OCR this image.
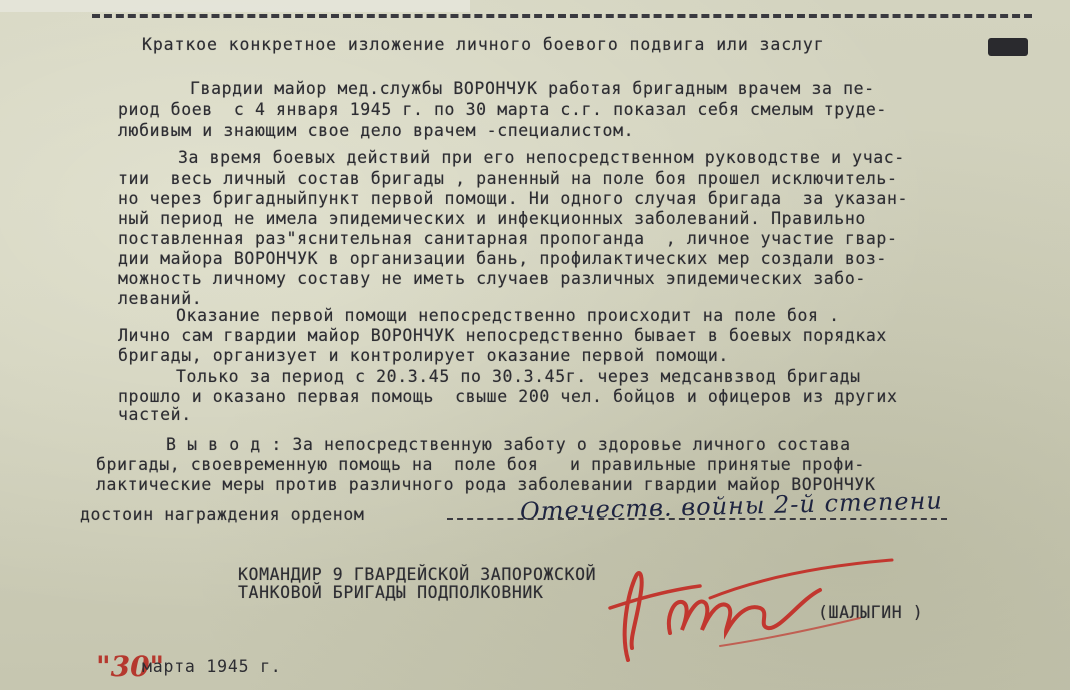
Краткое конкретное изложение личного боевого подвига или заслуг
Гвардии майор мед.службы ВОРОНЧУК работая бригадным врачем за пе-
риод боев  с 4 января 1945 г. по 30 марта с.г. показал себя смелым труде-
любивым и знающим свое дело врачем -специалистом.
За время боевых действий при его непосредственном руководстве и учас-
тии  весь личный состав бригады , раненный на поле боя прошел исключитель-
но через бригадныйпункт первой помощи. Ни одного случая бригада  за указан-
ный период не имела эпидемических и инфекционных заболеваний. Правильно
поставленная раз"яснительная санитарная пропоганда  , личное участие гвар-
дии майора ВОРОНЧУК в организации бань, профилактических мер создали воз-
можность личному составу не иметь случаев различных эпидемических забо-
леваний.
Оказание первой помощи непосредственно происходит на поле боя .
Лично сам гвардии майор ВОРОНЧУК непосредственно бывает в боевых порядках
бригады, организует и контролирует оказание первой помощи.
Только за период с 20.3.45 по 30.3.45г. через медсанвзвод бригады
прошло и оказано первая помощь  свыше 200 чел. бойцов и офицеров из других
частей.
В ы в о д : За непосредственную заботу о здоровье личного состава
бригады, своевременную помощь на  поле боя   и правильные принятые профи-
лактические меры против различного рода заболевании гвардии майор ВОРОНЧУК
достоин награждения орденом	Отечеств. войны 2-й степени
КОМАНДИР 9 ГВАРДЕЙСКОЙ ЗАПОРОЖСКОЙ
ТАНКОВОЙ БРИГАДЫ ПОДПОЛКОВНИК
(ШАЛЫГИН )
"30"
марта 1945 г.
